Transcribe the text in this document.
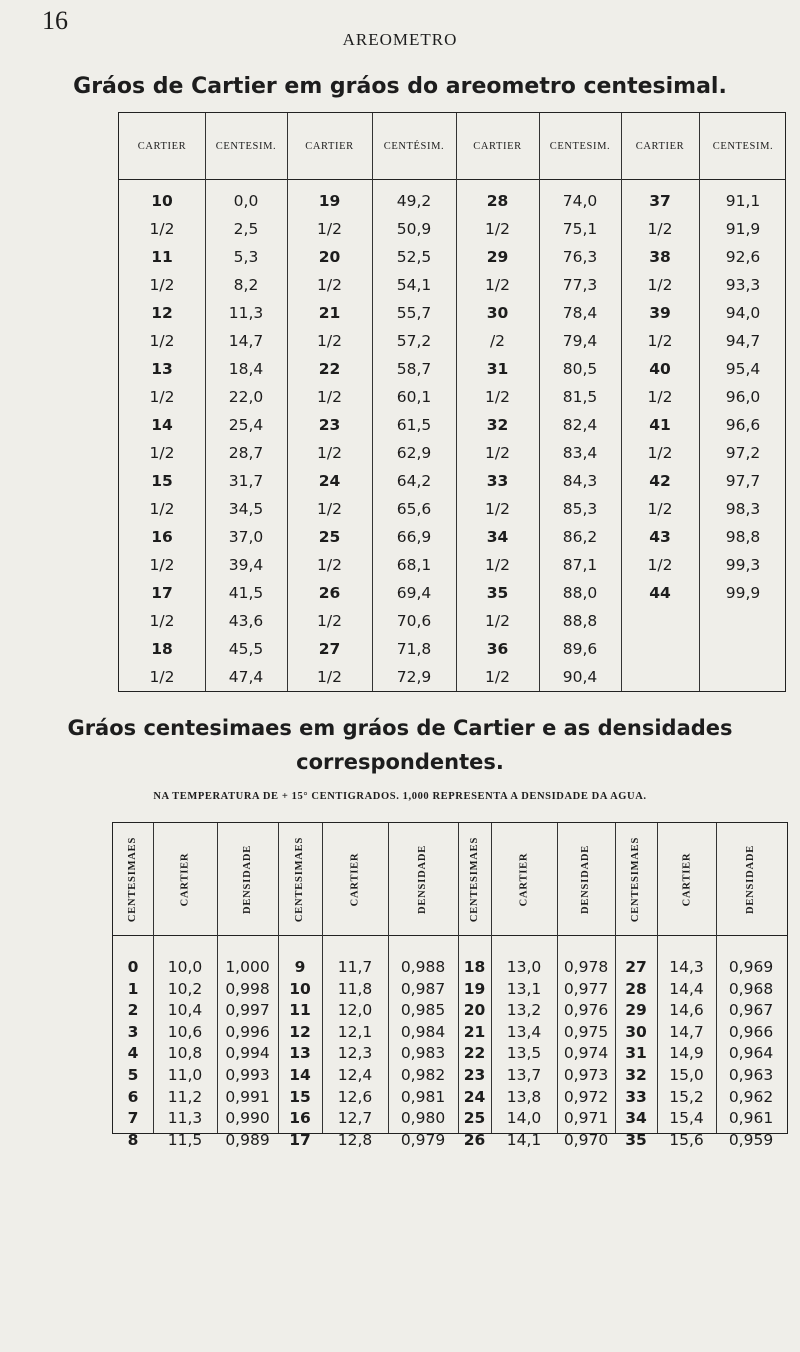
16
AREOMETRO
Gráos de Cartier em gráos do areometro centesimal.
CARTIER	CENTESIM.	CARTIER	CENTÉSIM.	CARTIER	CENTESIM.	CARTIER	CENTESIM.
10	0,0	19	49,2	28	74,0	37	91,1
1/2	2,5	1/2	50,9	1/2	75,1	1/2	91,9
11	5,3	20	52,5	29	76,3	38	92,6
1/2	8,2	1/2	54,1	1/2	77,3	1/2	93,3
12	11,3	21	55,7	30	78,4	39	94,0
1/2	14,7	1/2	57,2	/2	79,4	1/2	94,7
13	18,4	22	58,7	31	80,5	40	95,4
1/2	22,0	1/2	60,1	1/2	81,5	1/2	96,0
14	25,4	23	61,5	32	82,4	41	96,6
1/2	28,7	1/2	62,9	1/2	83,4	1/2	97,2
15	31,7	24	64,2	33	84,3	42	97,7
1/2	34,5	1/2	65,6	1/2	85,3	1/2	98,3
16	37,0	25	66,9	34	86,2	43	98,8
1/2	39,4	1/2	68,1	1/2	87,1	1/2	99,3
17	41,5	26	69,4	35	88,0	44	99,9
1/2	43,6	1/2	70,6	1/2	88,8
18	45,5	27	71,8	36	89,6
1/2	47,4	1/2	72,9	1/2	90,4
Gráos centesimaes em gráos de Cartier e as densidades
correspondentes.
NA TEMPERATURA DE + 15° CENTIGRADOS. 1,000 REPRESENTA A DENSIDADE DA AGUA.
CENTESIMAES	CARTIER	DENSIDADE	CENTESIMAES	CARTIER	DENSIDADE	CENTESIMAES	CARTIER	DENSIDADE	CENTESIMAES	CARTIER	DENSIDADE
0	10,0	1,000	9	11,7	0,988	18	13,0	0,978	27	14,3	0,969
1	10,2	0,998	10	11,8	0,987	19	13,1	0,977	28	14,4	0,968
2	10,4	0,997	11	12,0	0,985	20	13,2	0,976	29	14,6	0,967
3	10,6	0,996	12	12,1	0,984	21	13,4	0,975	30	14,7	0,966
4	10,8	0,994	13	12,3	0,983	22	13,5	0,974	31	14,9	0,964
5	11,0	0,993	14	12,4	0,982	23	13,7	0,973	32	15,0	0,963
6	11,2	0,991	15	12,6	0,981	24	13,8	0,972	33	15,2	0,962
7	11,3	0,990	16	12,7	0,980	25	14,0	0,971	34	15,4	0,961
8	11,5	0,989	17	12,8	0,979	26	14,1	0,970	35	15,6	0,959
